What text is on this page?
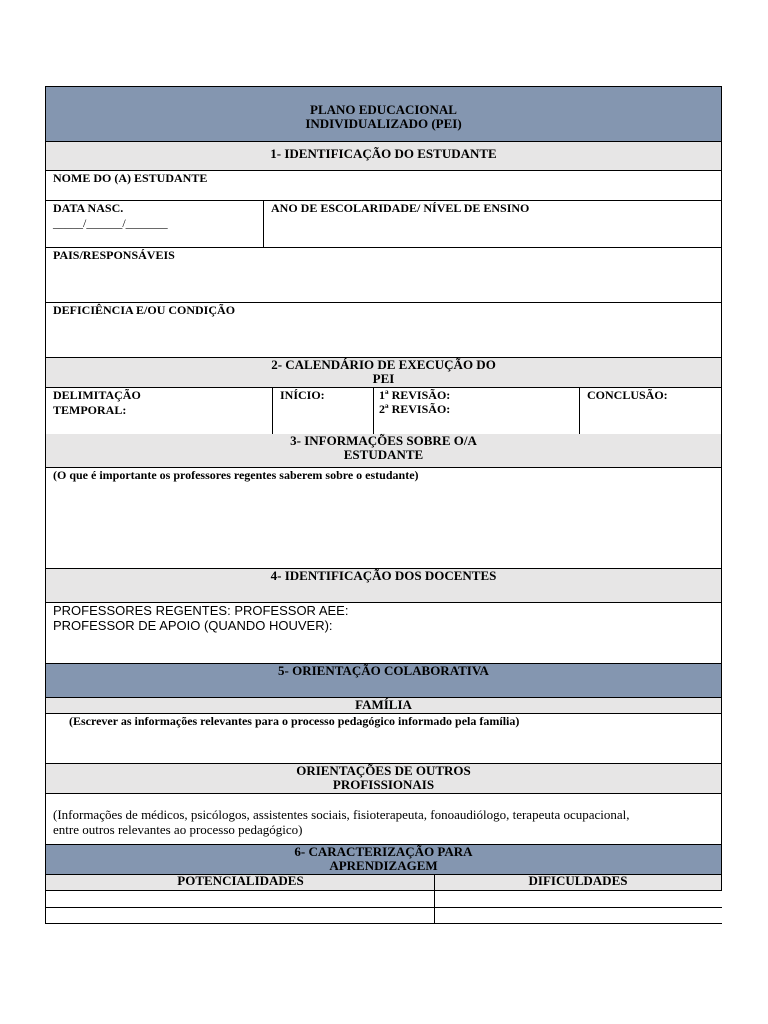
PLANO EDUCACIONAL
INDIVIDUALIZADO (PEI)
1- IDENTIFICAÇÃO DO ESTUDANTE
NOME DO (A) ESTUDANTE
DATA NASC.
_____/______/_______
ANO DE ESCOLARIDADE/ NÍVEL DE ENSINO
PAIS/RESPONSÁVEIS
DEFICIÊNCIA E/OU CONDIÇÃO
2- CALENDÁRIO DE EXECUÇÃO DO
PEI
DELIMITAÇÃO
TEMPORAL:
INÍCIO:	1ª REVISÃO:
2ª REVISÃO:
CONCLUSÃO:
3- INFORMAÇÕES SOBRE O/A
ESTUDANTE
(O que é importante os professores regentes saberem sobre o estudante)
4- IDENTIFICAÇÃO DOS DOCENTES
PROFESSORES REGENTES: PROFESSOR AEE:
PROFESSOR DE APOIO (QUANDO HOUVER):
5- ORIENTAÇÃO COLABORATIVA
FAMÍLIA
(Escrever as informações relevantes para o processo pedagógico informado pela família)
ORIENTAÇÕES DE OUTROS
PROFISSIONAIS
(Informações de médicos, psicólogos, assistentes sociais, fisioterapeuta, fonoaudiólogo, terapeuta ocupacional,
entre outros relevantes ao processo pedagógico)
6- CARACTERIZAÇÃO PARA
APRENDIZAGEM
POTENCIALIDADES	DIFICULDADES
